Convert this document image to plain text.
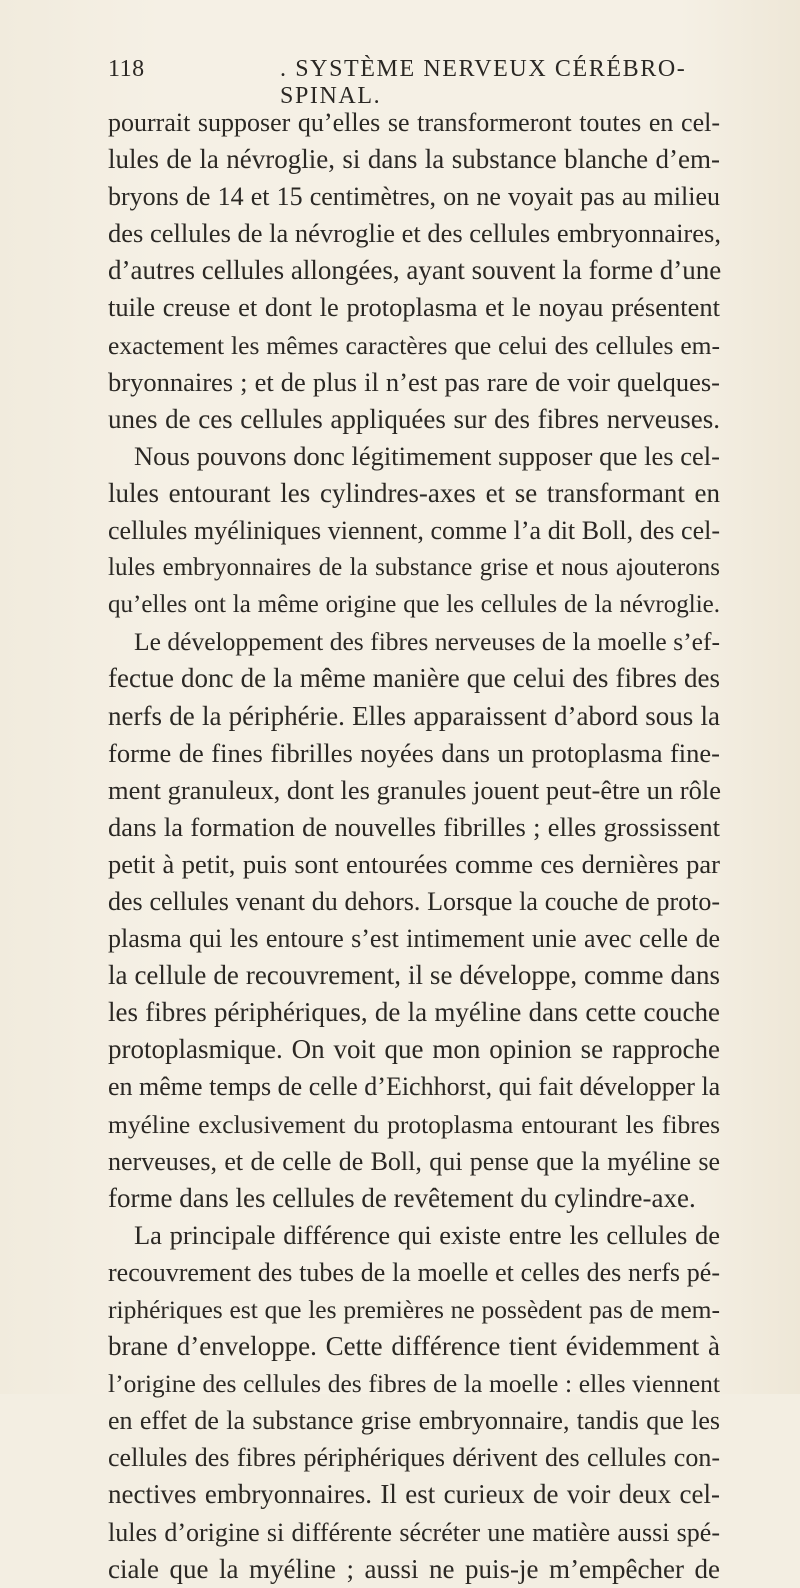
118	. SYSTÈME NERVEUX CÉRÉBRO-SPINAL.
pourrait supposer qu’elles se transformeront toutes en cel-
lules de la névroglie, si dans la substance blanche d’em-
bryons de 14 et 15 centimètres, on ne voyait pas au milieu
des cellules de la névroglie et des cellules embryonnaires,
d’autres cellules allongées, ayant souvent la forme d’une
tuile creuse et dont le protoplasma et le noyau présentent
exactement les mêmes caractères que celui des cellules em-
bryonnaires ; et de plus il n’est pas rare de voir quelques-
unes de ces cellules appliquées sur des fibres nerveuses.
Nous pouvons donc légitimement supposer que les cel-
lules entourant les cylindres-axes et se transformant en
cellules myéliniques viennent, comme l’a dit Boll, des cel-
lules embryonnaires de la substance grise et nous ajouterons
qu’elles ont la même origine que les cellules de la névroglie.
Le développement des fibres nerveuses de la moelle s’ef-
fectue donc de la même manière que celui des fibres des
nerfs de la périphérie. Elles apparaissent d’abord sous la
forme de fines fibrilles noyées dans un protoplasma fine-
ment granuleux, dont les granules jouent peut-être un rôle
dans la formation de nouvelles fibrilles ; elles grossissent
petit à petit, puis sont entourées comme ces dernières par
des cellules venant du dehors. Lorsque la couche de proto-
plasma qui les entoure s’est intimement unie avec celle de
la cellule de recouvrement, il se développe, comme dans
les fibres périphériques, de la myéline dans cette couche
protoplasmique. On voit que mon opinion se rapproche
en même temps de celle d’Eichhorst, qui fait développer la
myéline exclusivement du protoplasma entourant les fibres
nerveuses, et de celle de Boll, qui pense que la myéline se
forme dans les cellules de revêtement du cylindre-axe.
La principale différence qui existe entre les cellules de
recouvrement des tubes de la moelle et celles des nerfs pé-
riphériques est que les premières ne possèdent pas de mem-
brane d’enveloppe. Cette différence tient évidemment à
l’origine des cellules des fibres de la moelle : elles viennent
en effet de la substance grise embryonnaire, tandis que les
cellules des fibres périphériques dérivent des cellules con-
nectives embryonnaires. Il est curieux de voir deux cel-
lules d’origine si différente sécréter une matière aussi spé-
ciale que la myéline ; aussi ne puis-je m’empêcher de
